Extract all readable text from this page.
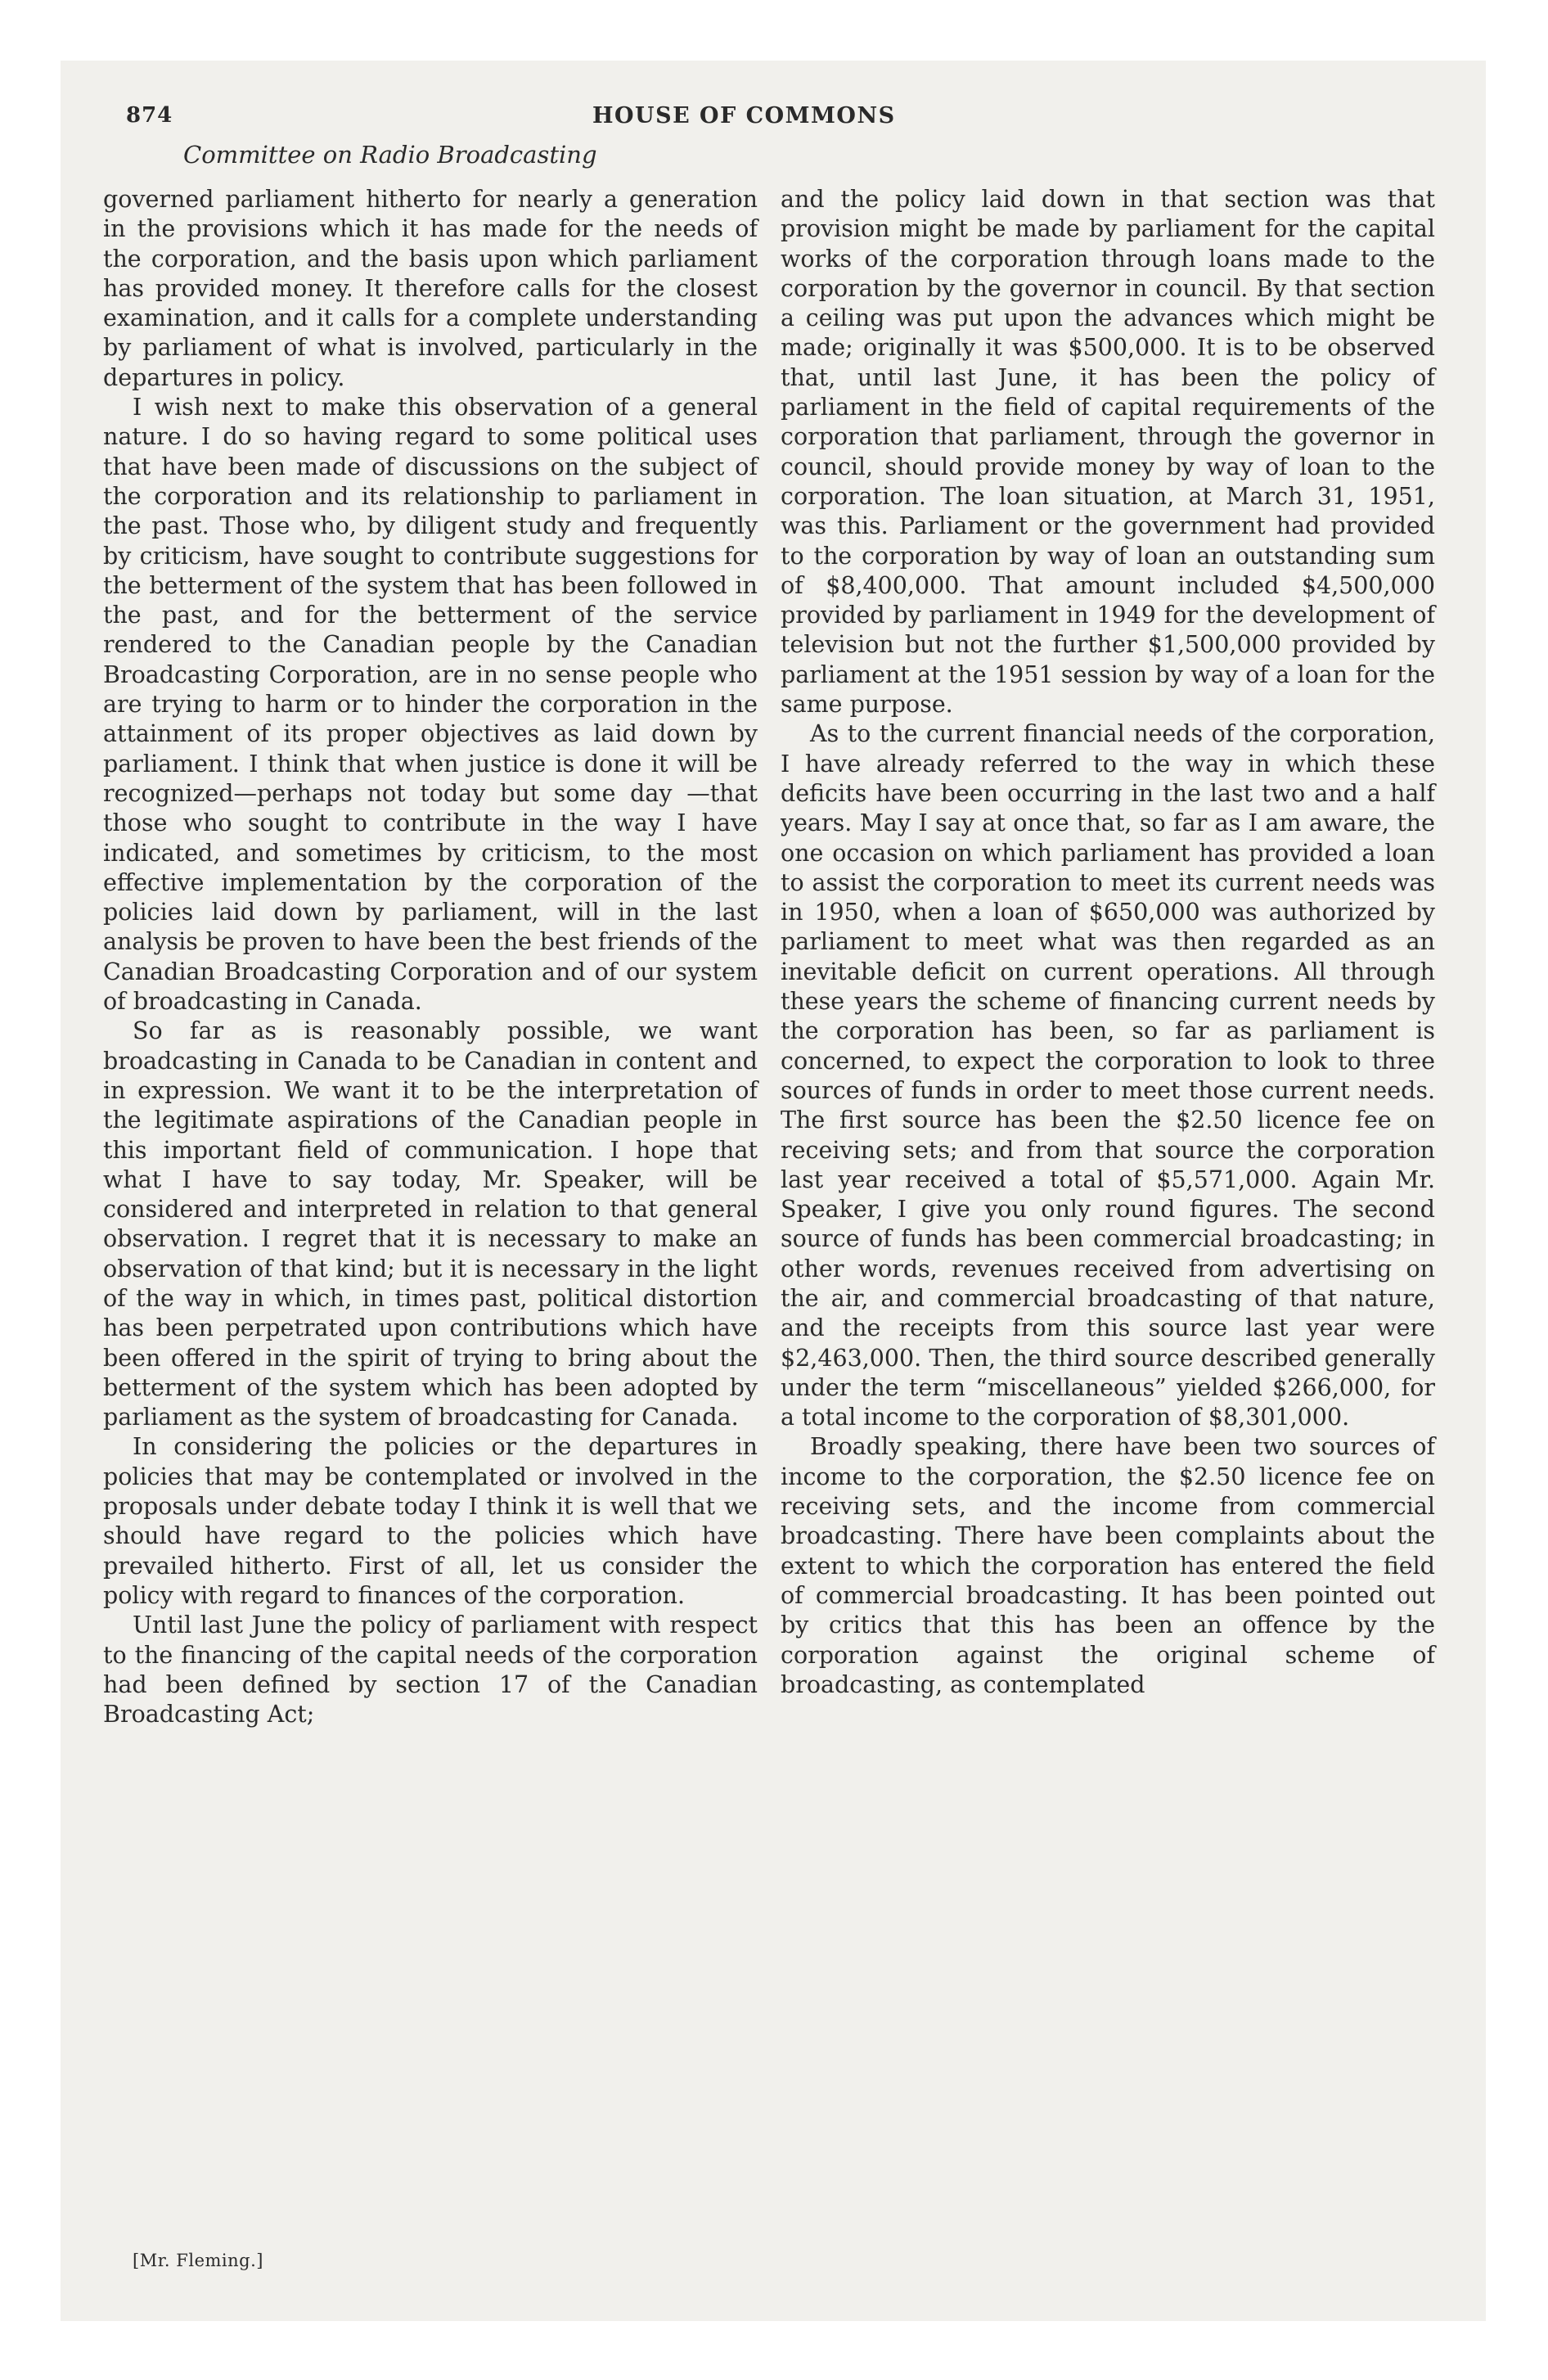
874	HOUSE OF COMMONS
Committee on Radio Broadcasting

governed parliament hitherto for nearly a generation in the provisions which it has made for the needs of the corporation, and the basis upon which parliament has provided money. It therefore calls for the closest examination, and it calls for a complete understanding by parliament of what is involved, particularly in the departures in policy.

I wish next to make this observation of a general nature. I do so having regard to some political uses that have been made of discussions on the subject of the corporation and its relationship to parliament in the past. Those who, by diligent study and frequently by criticism, have sought to contribute suggestions for the betterment of the system that has been followed in the past, and for the betterment of the service rendered to the Canadian people by the Canadian Broadcasting Corporation, are in no sense people who are trying to harm or to hinder the corporation in the attainment of its proper objectives as laid down by parliament. I think that when justice is done it will be recognized—perhaps not today but some day —that those who sought to contribute in the way I have indicated, and sometimes by criticism, to the most effective implementation by the corporation of the policies laid down by parliament, will in the last analysis be proven to have been the best friends of the Canadian Broadcasting Corporation and of our system of broadcasting in Canada.

So far as is reasonably possible, we want broadcasting in Canada to be Canadian in content and in expression. We want it to be the interpretation of the legitimate aspirations of the Canadian people in this important field of communication. I hope that what I have to say today, Mr. Speaker, will be considered and interpreted in relation to that general observation. I regret that it is necessary to make an observation of that kind; but it is necessary in the light of the way in which, in times past, political distortion has been perpetrated upon contributions which have been offered in the spirit of trying to bring about the betterment of the system which has been adopted by parliament as the system of broadcasting for Canada.

In considering the policies or the departures in policies that may be contemplated or involved in the proposals under debate today I think it is well that we should have regard to the policies which have prevailed hitherto. First of all, let us consider the policy with regard to finances of the corporation.

Until last June the policy of parliament with respect to the financing of the capital needs of the corporation had been defined by section 17 of the Canadian Broadcasting Act;

and the policy laid down in that section was that provision might be made by parliament for the capital works of the corporation through loans made to the corporation by the governor in council. By that section a ceiling was put upon the advances which might be made; originally it was $500,000. It is to be observed that, until last June, it has been the policy of parliament in the field of capital requirements of the corporation that parliament, through the governor in council, should provide money by way of loan to the corporation. The loan situation, at March 31, 1951, was this. Parliament or the government had provided to the corporation by way of loan an outstanding sum of $8,400,000. That amount included $4,500,000 provided by parliament in 1949 for the development of television but not the further $1,500,000 provided by parliament at the 1951 session by way of a loan for the same purpose.

As to the current financial needs of the corporation, I have already referred to the way in which these deficits have been occurring in the last two and a half years. May I say at once that, so far as I am aware, the one occasion on which parliament has provided a loan to assist the corporation to meet its current needs was in 1950, when a loan of $650,000 was authorized by parliament to meet what was then regarded as an inevitable deficit on current operations. All through these years the scheme of financing current needs by the corporation has been, so far as parliament is concerned, to expect the corporation to look to three sources of funds in order to meet those current needs. The first source has been the $2.50 licence fee on receiving sets; and from that source the corporation last year received a total of $5,571,000. Again Mr. Speaker, I give you only round figures. The second source of funds has been commercial broadcasting; in other words, revenues received from advertising on the air, and commercial broadcasting of that nature, and the receipts from this source last year were $2,463,000. Then, the third source described generally under the term “miscellaneous” yielded $266,000, for a total income to the corporation of $8,301,000.

Broadly speaking, there have been two sources of income to the corporation, the $2.50 licence fee on receiving sets, and the income from commercial broadcasting. There have been complaints about the extent to which the corporation has entered the field of commercial broadcasting. It has been pointed out by critics that this has been an offence by the corporation against the original scheme of broadcasting, as contemplated

[Mr. Fleming.]
